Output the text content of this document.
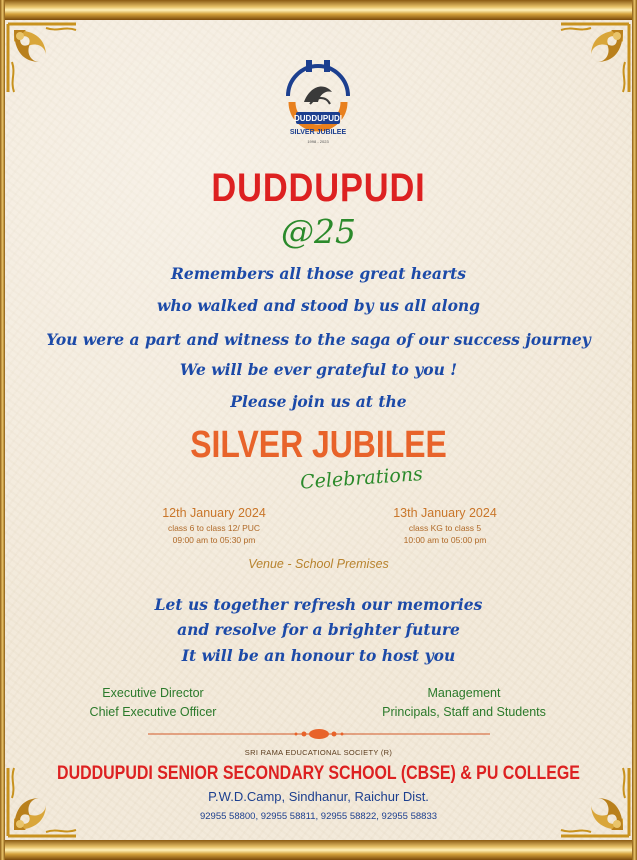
DUDDUPUDI
SILVER JUBILEE
1998 - 2023
DUDDUPUDI
@25
Remembers all those great hearts
who walked and stood by us all along
You were a part and witness to the saga of our success journey
We will be ever grateful to you !
Please join us at the
SILVER JUBILEE
Celebrations
12th January 2024
class 6 to class 12/ PUC
09:00 am to 05:30 pm
13th January 2024
class KG to class 5
10:00 am to 05:00 pm
Venue - School Premises
Let us together refresh our memories
and resolve for a brighter future
It will be an honour to host you
Executive Director
Chief Executive Officer
Management
Principals, Staff and Students
SRI RAMA EDUCATIONAL SOCIETY (R)
DUDDUPUDI SENIOR SECONDARY SCHOOL (CBSE) & PU COLLEGE
P.W.D.Camp, Sindhanur, Raichur Dist.
92955 58800, 92955 58811, 92955 58822, 92955 58833
